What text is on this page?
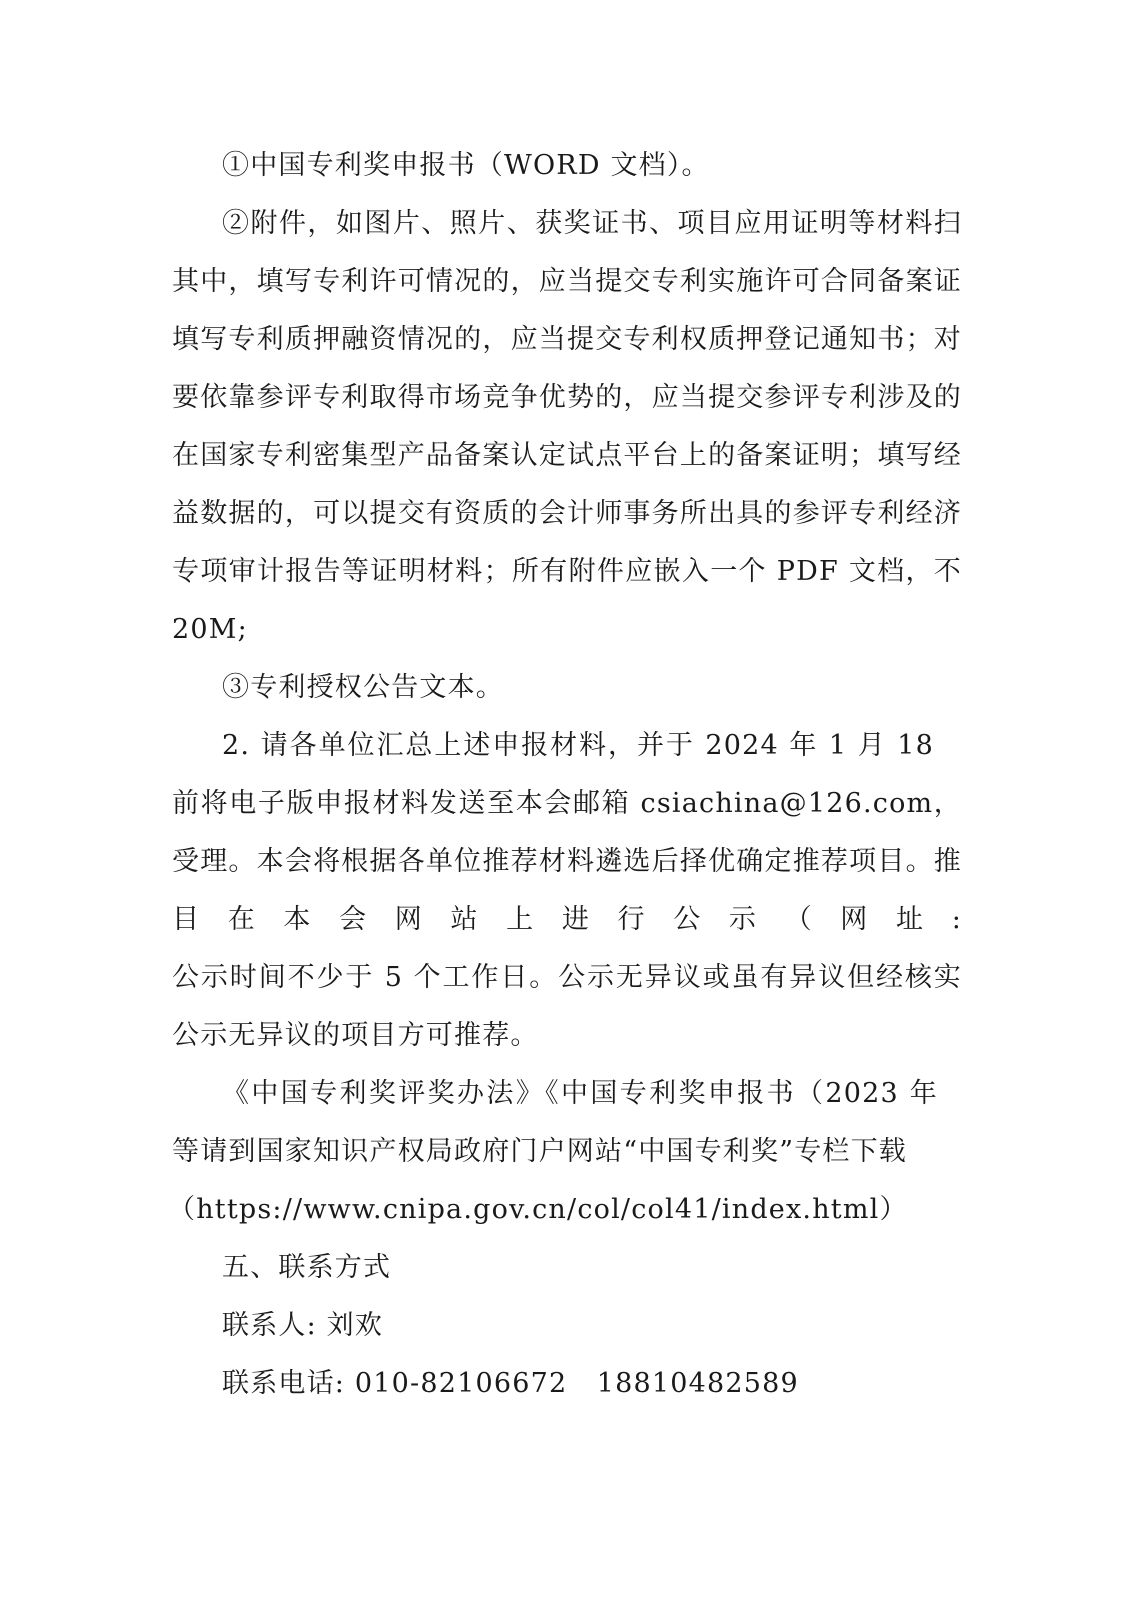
①中国专利奖申报书（WORD 文档）。
②附件，如图片、照片、获奖证书、项目应用证明等材料扫
其中，填写专利许可情况的，应当提交专利实施许可合同备案证
填写专利质押融资情况的，应当提交专利权质押登记通知书；对
要依靠参评专利取得市场竞争优势的，应当提交参评专利涉及的
在国家专利密集型产品备案认定试点平台上的备案证明；填写经
益数据的，可以提交有资质的会计师事务所出具的参评专利经济
专项审计报告等证明材料；所有附件应嵌入一个 PDF 文档，不
20M;
③专利授权公告文本。
2. 请各单位汇总上述申报材料，并于 2024 年 1 月 18
前将电子版申报材料发送至本会邮箱 csiachina@126.com，
受理。本会将根据各单位推荐材料遴选后择优确定推荐项目。推
目在本会网站上进行公示（网址:
公示时间不少于 5 个工作日。公示无异议或虽有异议但经核实
公示无异议的项目方可推荐。
《中国专利奖评奖办法》《中国专利奖申报书（2023 年
等请到国家知识产权局政府门户网站“中国专利奖”专栏下载
（https://www.cnipa.gov.cn/col/col41/index.html）
五、联系方式
联系人: 刘欢
联系电话: 010-82106672   18810482589
